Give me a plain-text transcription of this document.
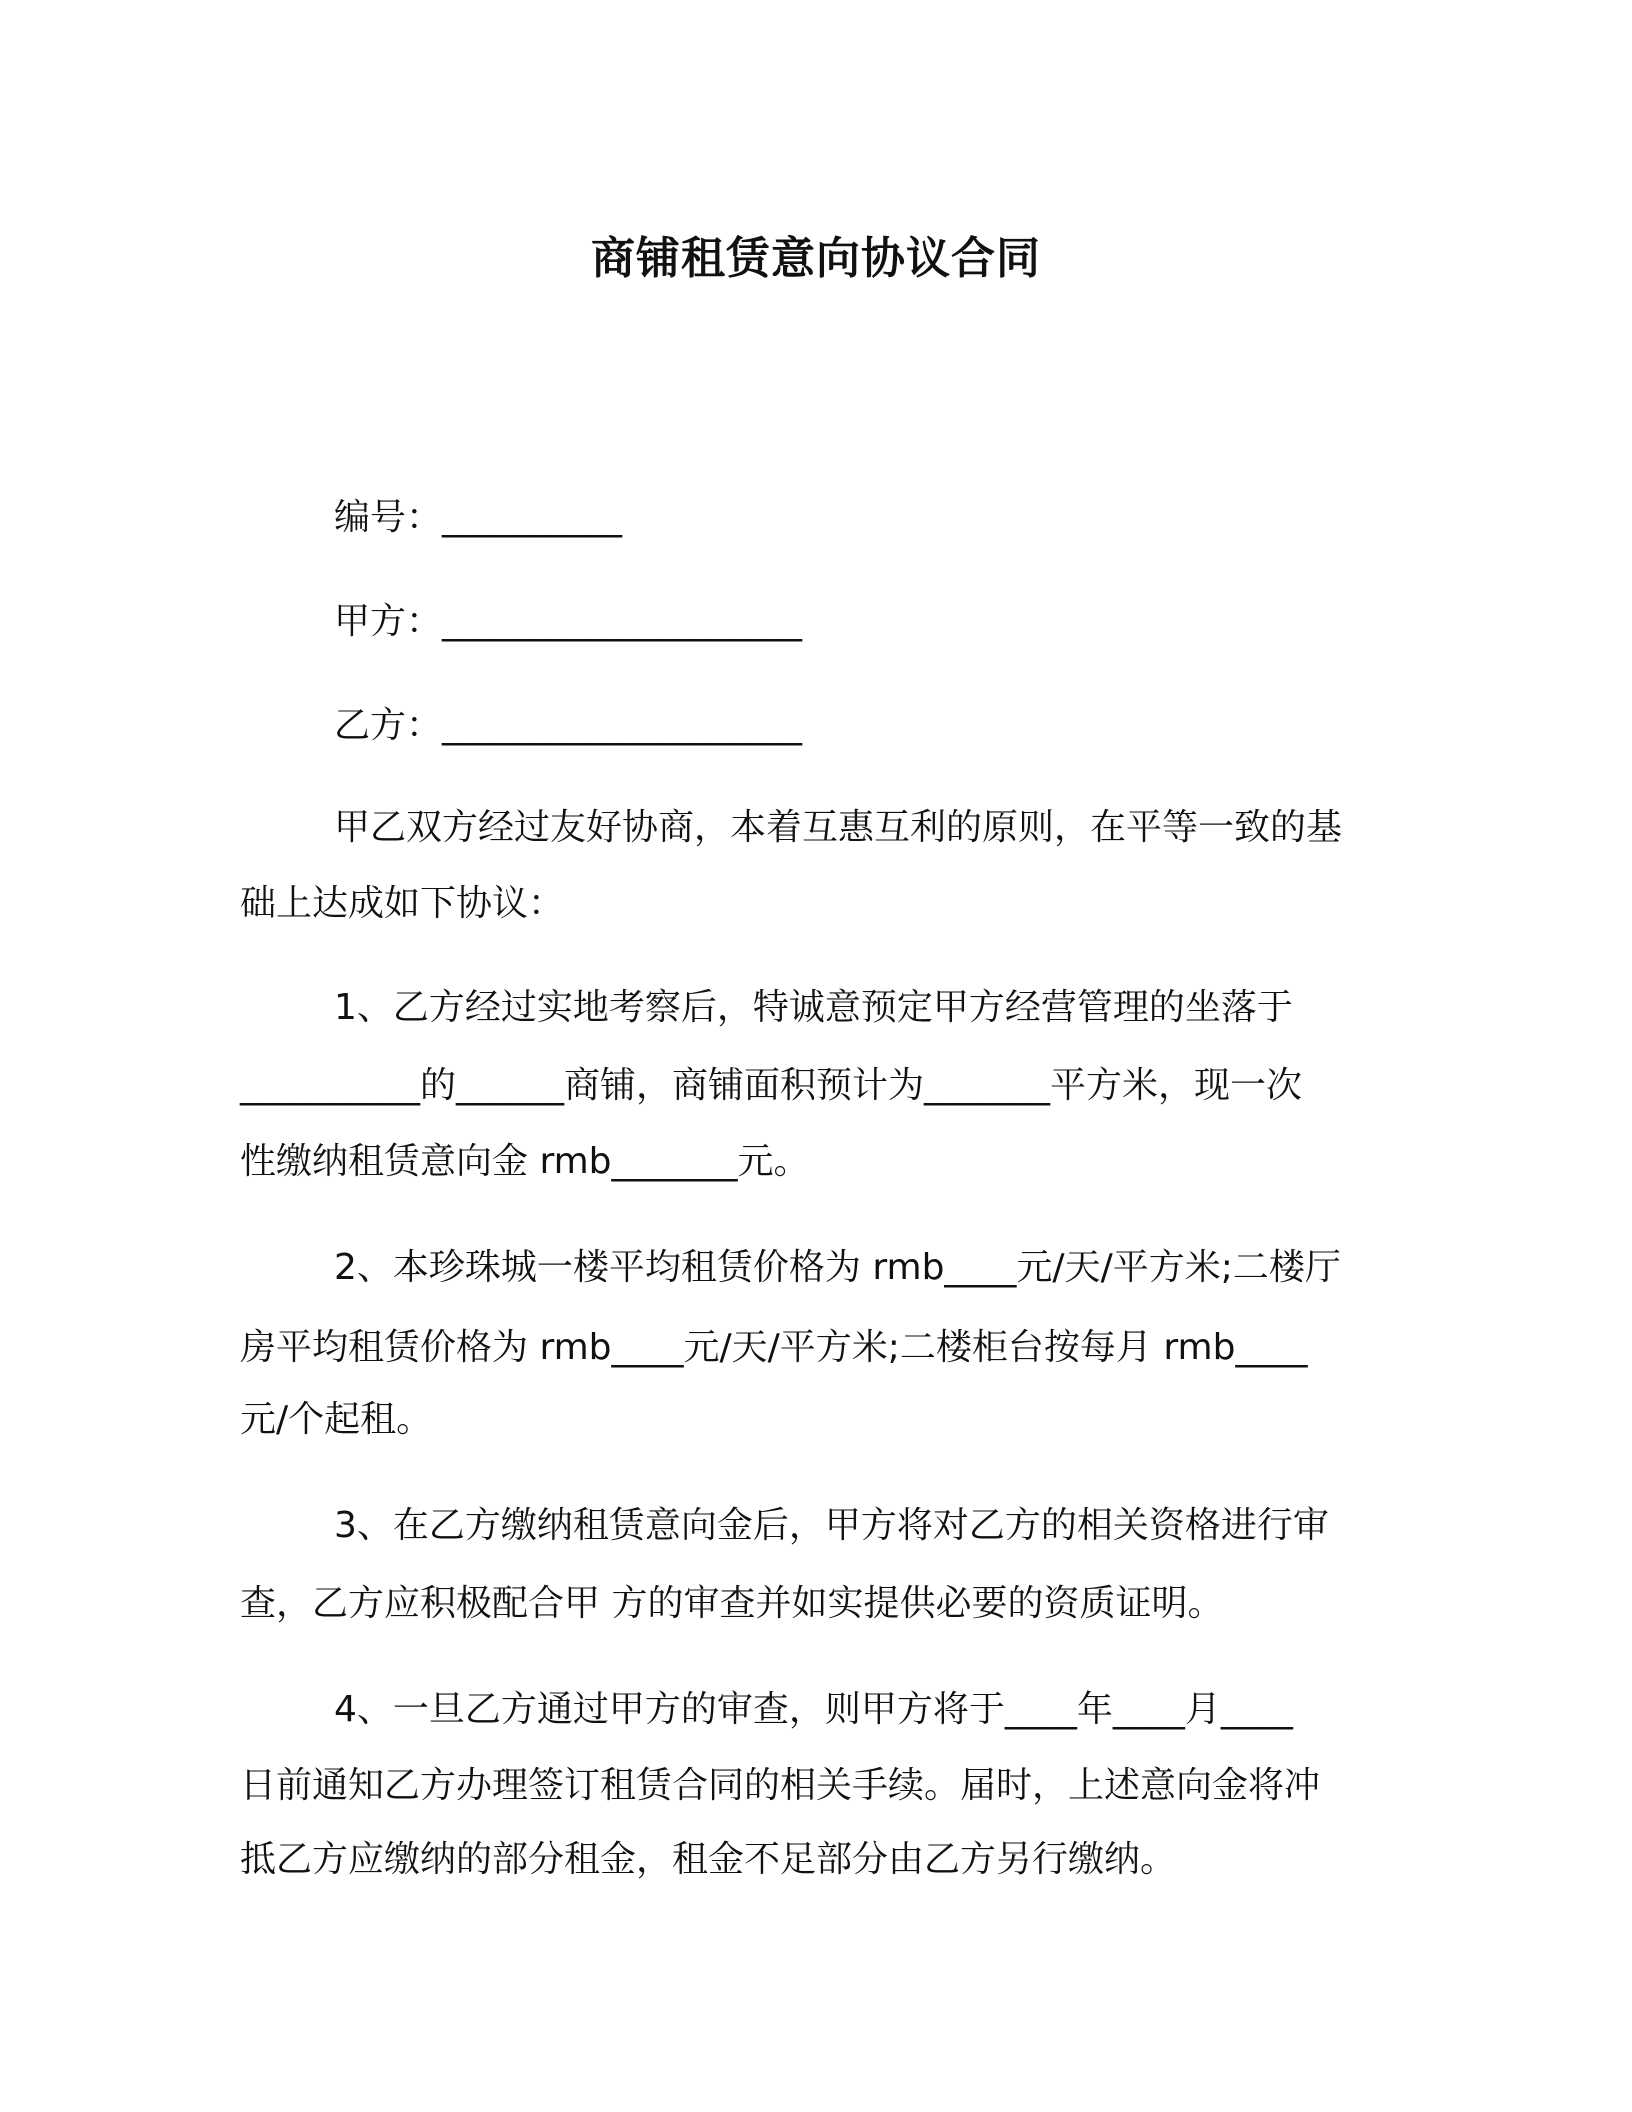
商铺租赁意向协议合同
编号：__________
甲方：____________________
乙方：____________________
甲乙双方经过友好协商，本着互惠互利的原则，在平等一致的基
础上达成如下协议：
1、乙方经过实地考察后，特诚意预定甲方经营管理的坐落于
__________的______商铺，商铺面积预计为_______平方米，现一次
性缴纳租赁意向金 rmb_______元。
2、本珍珠城一楼平均租赁价格为 rmb____元/天/平方米;二楼厅
房平均租赁价格为 rmb____元/天/平方米;二楼柜台按每月 rmb____
元/个起租。
3、在乙方缴纳租赁意向金后，甲方将对乙方的相关资格进行审
查，乙方应积极配合甲 方的审查并如实提供必要的资质证明。
4、一旦乙方通过甲方的审查，则甲方将于____年____月____
日前通知乙方办理签订租赁合同的相关手续。届时，上述意向金将冲
抵乙方应缴纳的部分租金，租金不足部分由乙方另行缴纳。
